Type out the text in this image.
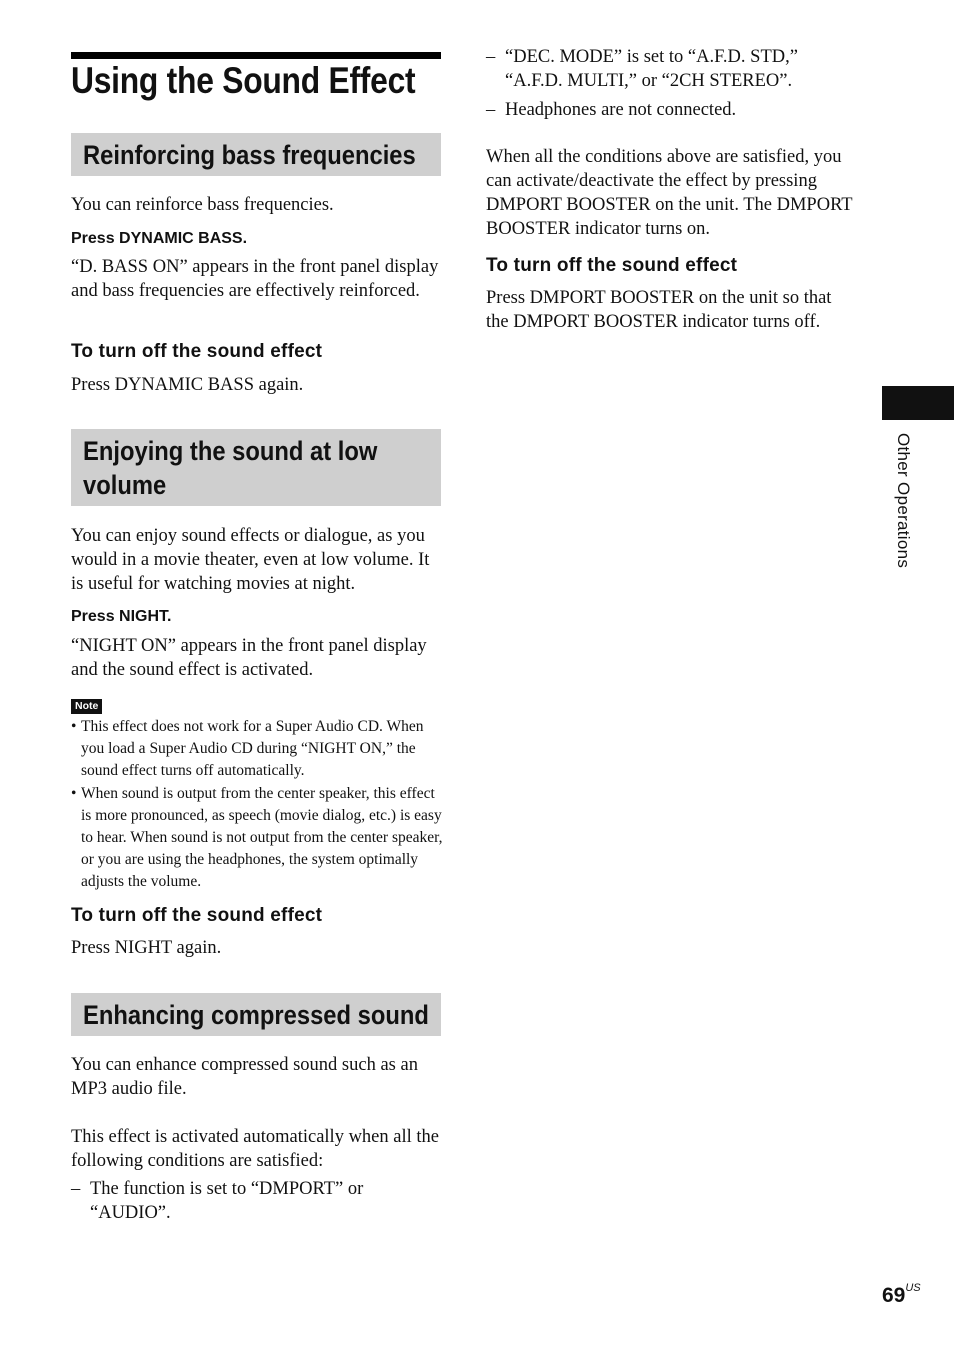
Using the Sound Effect
Reinforcing bass frequencies

You can reinforce bass frequencies.

Press DYNAMIC BASS.

“D. BASS ON” appears in the front panel display and bass frequencies are effectively reinforced.

To turn off the sound effect

Press DYNAMIC BASS again.

Enjoying the sound at low volume

You can enjoy sound effects or dialogue, as you would in a movie theater, even at low volume. It is useful for watching movies at night.

Press NIGHT.

“NIGHT ON” appears in the front panel display and the sound effect is activated.

Note

• This effect does not work for a Super Audio CD. When you load a Super Audio CD during “NIGHT ON,” the sound effect turns off automatically.

• When sound is output from the center speaker, this effect is more pronounced, as speech (movie dialog, etc.) is easy to hear. When sound is not output from the center speaker, or you are using the headphones, the system optimally adjusts the volume.

To turn off the sound effect

Press NIGHT again.

Enhancing compressed sound

You can enhance compressed sound such as an MP3 audio file.

This effect is activated automatically when all the following conditions are satisfied:

– The function is set to “DMPORT” or “AUDIO”.

– “DEC. MODE” is set to “A.F.D. STD,” “A.F.D. MULTI,” or “2CH STEREO”.

– Headphones are not connected.

When all the conditions above are satisfied, you can activate/deactivate the effect by pressing DMPORT BOOSTER on the unit. The DMPORT BOOSTER indicator turns on.

To turn off the sound effect

Press DMPORT BOOSTER on the unit so that the DMPORT BOOSTER indicator turns off.

Other Operations
$69^{US}$
